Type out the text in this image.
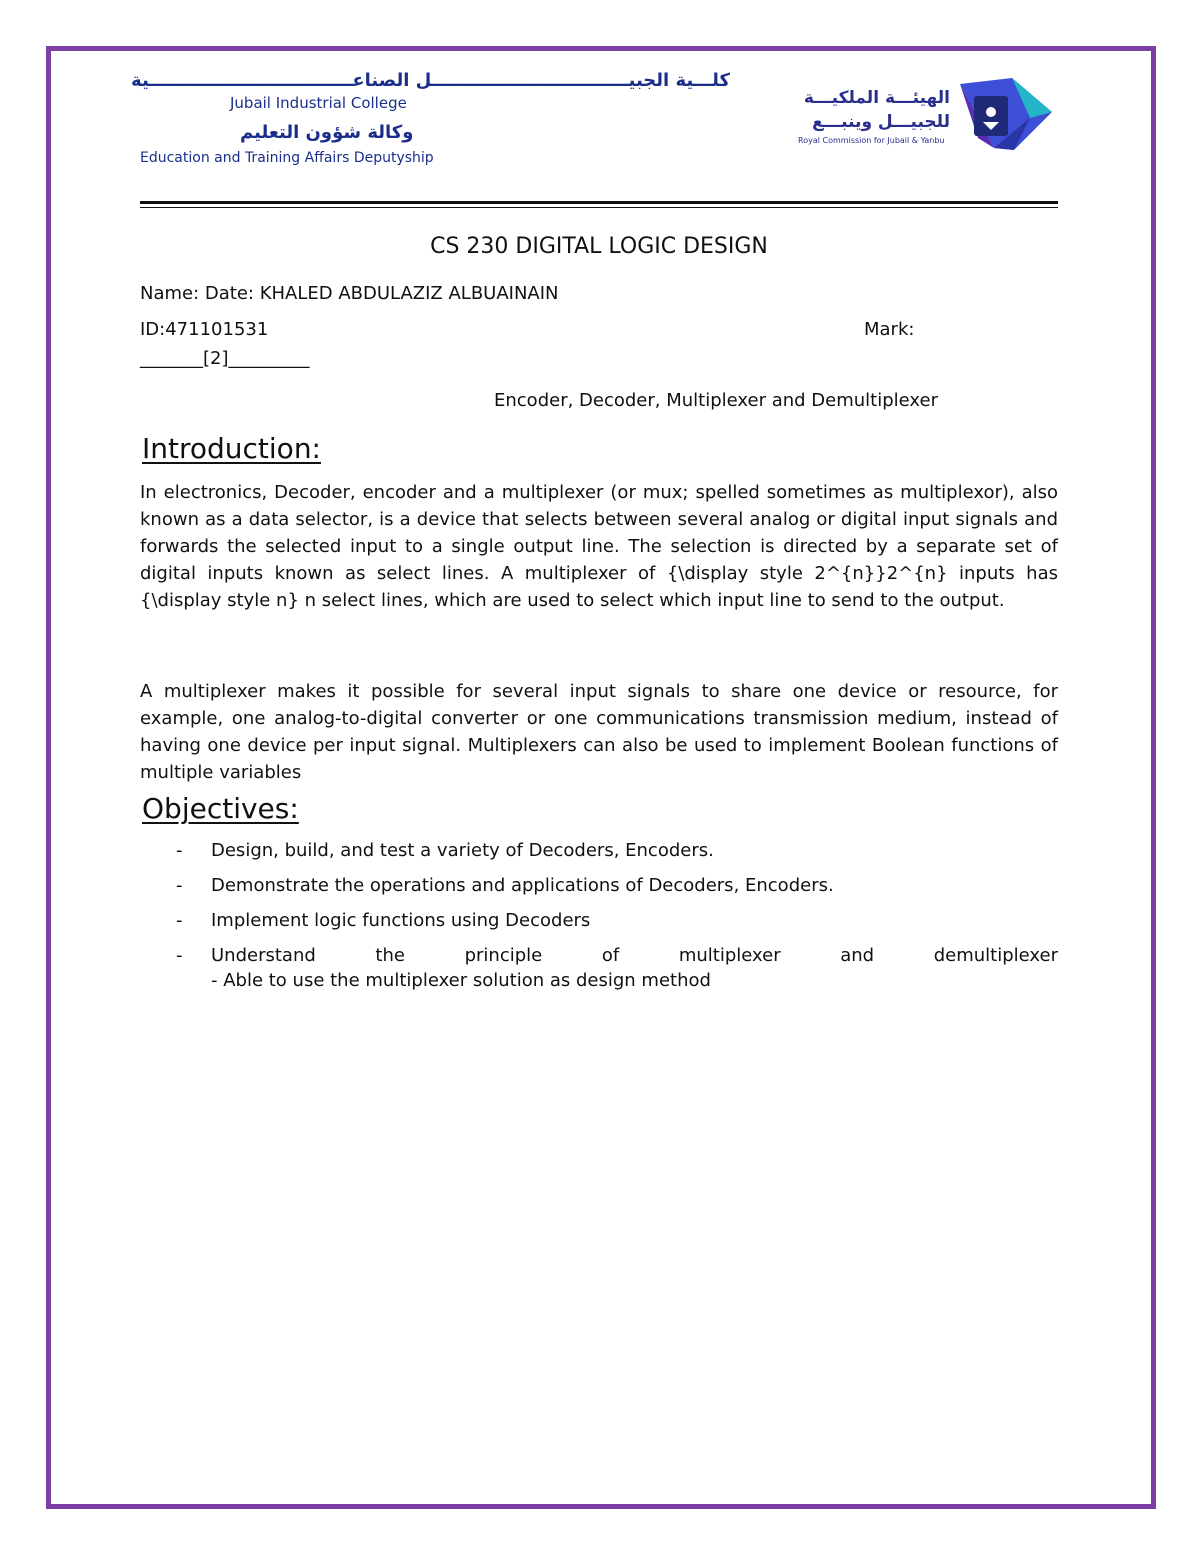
كلـــية الجبيــــــــــــــــــــــــــــــــل الصناعـــــــــــــــــــــــــــــــــية
Jubail Industrial College
وكالة شؤون التعليم
Education and Training Affairs Deputyship
الهيئـــة الملكيـــة
للجبيـــل وينبـــع
Royal Commission for Jubail & Yanbu
CS 230 DIGITAL LOGIC DESIGN
Name: Date: KHALED ABDULAZIZ ALBUAINAIN
ID:471101531	Mark:
_______[2]_________
Encoder, Decoder, Multiplexer and Demultiplexer
Introduction:
In electronics, Decoder, encoder and a multiplexer (or mux; spelled sometimes as multiplexor), also known as a data selector, is a device that selects between several analog or digital input signals and forwards the selected input to a single output line. The selection is directed by a separate set of digital inputs known as select lines. A multiplexer of {\display style 2^{n}}2^{n} inputs has {\display style n} n select lines, which are used to select which input line to send to the output.
A multiplexer makes it possible for several input signals to share one device or resource, for example, one analog-to-digital converter or one communications transmission medium, instead of having one device per input signal. Multiplexers can also be used to implement Boolean functions of multiple variables
Objectives:
- Design, build, and test a variety of Decoders, Encoders.
- Demonstrate the operations and applications of Decoders, Encoders.
- Implement logic functions using Decoders
- Understand the principle of multiplexer and demultiplexer
- Able to use the multiplexer solution as design method
